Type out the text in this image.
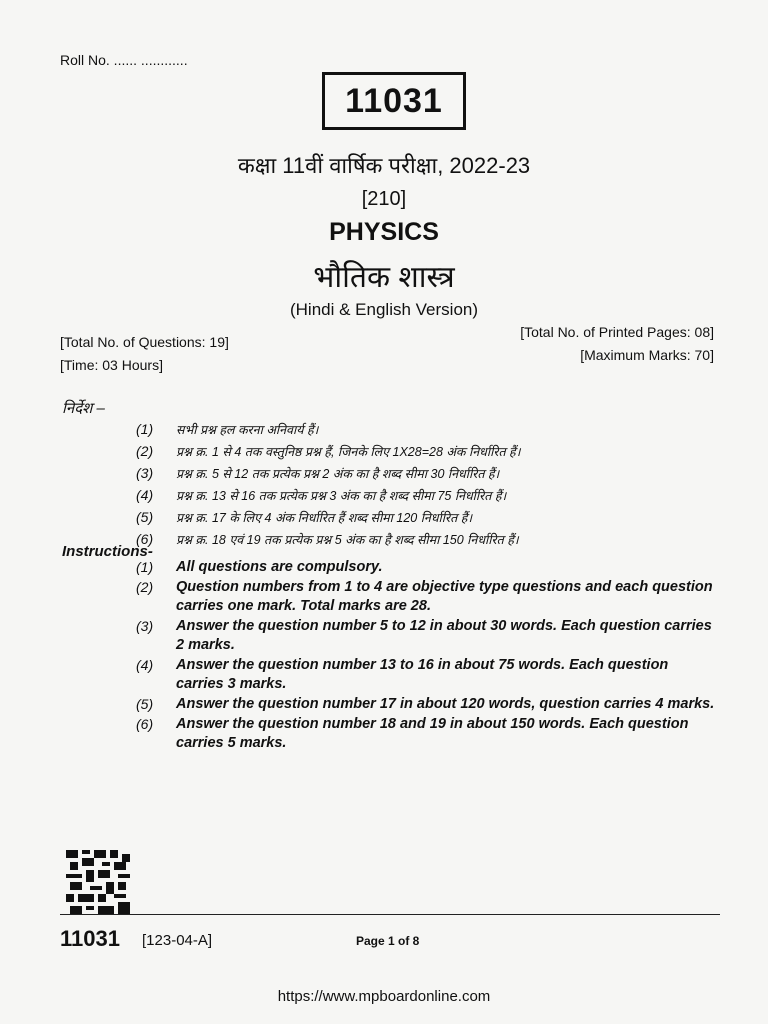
Roll No. ...... ............
11031
कक्षा 11वीं वार्षिक परीक्षा, 2022-23
[210]
PHYSICS
भौतिक शास्त्र
(Hindi & English Version)
[Total No. of Questions: 19]
[Time: 03 Hours]
[Total No. of Printed Pages: 08]
[Maximum Marks: 70]
निर्देश –
(1)	सभी प्रश्न हल करना अनिवार्य हैं।
(2)	प्रश्न क्र. 1 से 4 तक वस्तुनिष्ठ प्रश्न हैं, जिनके लिए 1X28=28 अंक निर्धारित हैं।
(3)	प्रश्न क्र. 5 से 12 तक प्रत्येक प्रश्न 2 अंक का है शब्द सीमा 30 निर्धारित हैं।
(4)	प्रश्न क्र. 13 से 16 तक प्रत्येक प्रश्न 3 अंक का है शब्द सीमा 75 निर्धारित हैं।
(5)	प्रश्न क्र. 17 के लिए 4 अंक निर्धारित हैं शब्द सीमा 120 निर्धारित हैं।
(6)	प्रश्न क्र. 18 एवं 19 तक प्रत्येक प्रश्न 5 अंक का है शब्द सीमा 150 निर्धारित हैं।
Instructions-
(1)	All questions are compulsory.
(2)	Question numbers from 1 to 4 are objective type questions and each question carries one mark. Total marks are 28.
(3)	Answer the question number 5 to 12 in about 30 words. Each question carries 2 marks.
(4)	Answer the question number 13 to 16 in about 75 words. Each question carries 3 marks.
(5)	Answer the question number 17 in about 120 words, question carries 4 marks.
(6)	Answer the question number 18 and 19 in about 150 words. Each question carries 5 marks.
11031 [123-04-A]	Page 1 of 8
https://www.mpboardonline.com
